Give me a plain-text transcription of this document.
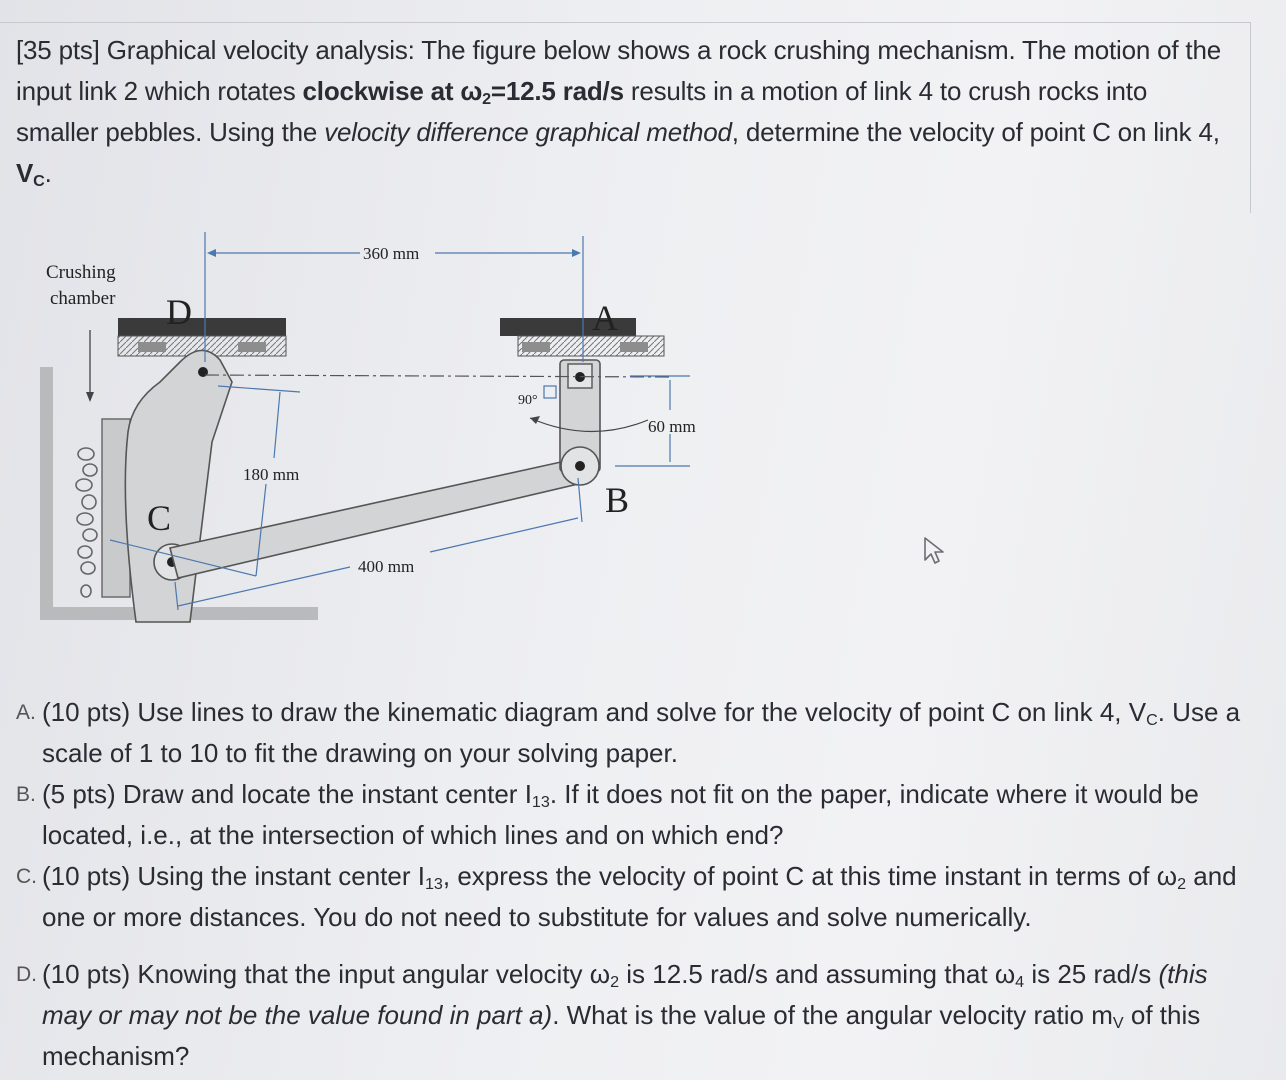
[35 pts] Graphical velocity analysis: The figure below shows a rock crushing mechanism. The motion of the input link 2 which rotates clockwise at $\omega_2=12.5$ rad/s results in a motion of link 4 to crush rocks into smaller pebbles. Using the velocity difference graphical method, determine the velocity of point C on link 4, $V_C$.
Crushing
chamber D	A
B
C
360 mm
60 mm
180 mm
400 mm
90°
A. (10 pts) Use lines to draw the kinematic diagram and solve for the velocity of point C on link 4, $V_C$. Use a scale of 1 to 10 to fit the drawing on your solving paper.
B. (5 pts) Draw and locate the instant center $I_{13}$. If it does not fit on the paper, indicate where it would be located, i.e., at the intersection of which lines and on which end?
C. (10 pts) Using the instant center $I_{13}$, express the velocity of point C at this time instant in terms of $\omega_2$ and one or more distances. You do not need to substitute for values and solve numerically.
D. (10 pts) Knowing that the input angular velocity $\omega_2$ is 12.5 rad/s and assuming that $\omega_4$ is 25 rad/s (this may or may not be the value found in part a). What is the value of the angular velocity ratio $m_V$ of this mechanism?
